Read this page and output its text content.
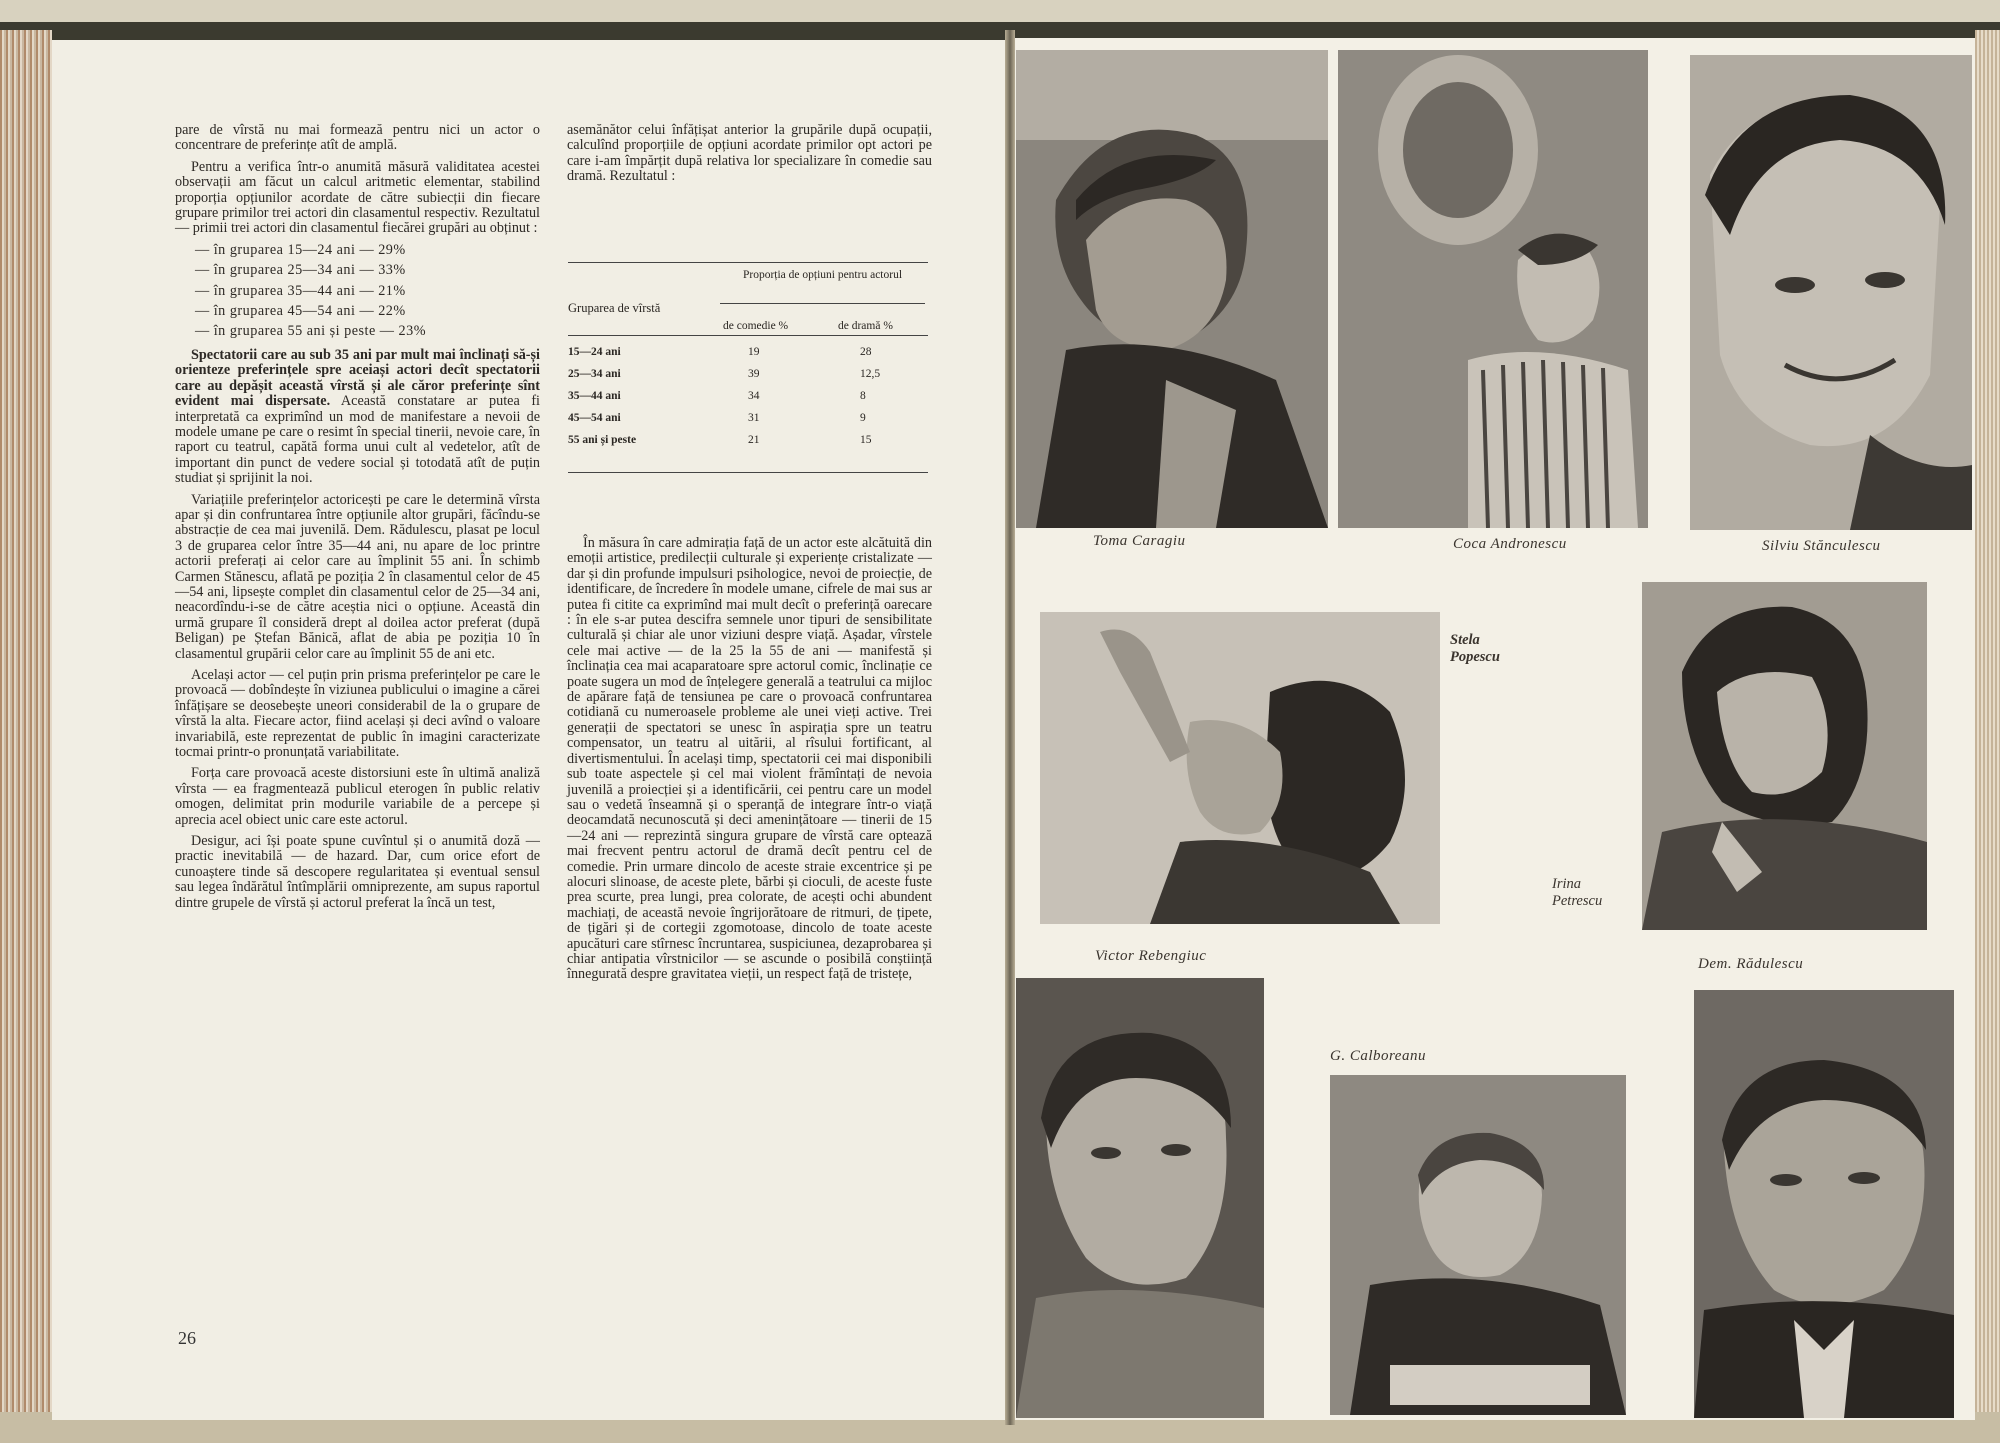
pare de vîrstă nu mai formează pentru nici un actor o concentrare de preferințe atît de amplă.

Pentru a verifica într-o anumită măsură validitatea acestei observații am făcut un calcul aritmetic elementar, stabilind proporția opțiunilor acordate de către subiecții din fiecare grupare primilor trei actori din clasamentul respectiv. Rezultatul — primii trei actori din clasamentul fiecărei grupări au obținut :

— în gruparea 15—24 ani — 29%
— în gruparea 25—34 ani — 33%
— în gruparea 35—44 ani — 21%
— în gruparea 45—54 ani — 22%
— în gruparea 55 ani și peste — 23%

Spectatorii care au sub 35 ani par mult mai înclinați să-și orienteze preferințele spre aceiași actori decît spectatorii care au depășit această vîrstă și ale căror preferințe sînt evident mai dispersate. Această constatare ar putea fi interpretată ca exprimînd un mod de manifestare a nevoii de modele umane pe care o resimt în special tinerii, nevoie care, în raport cu teatrul, capătă forma unui cult al vedetelor, atît de important din punct de vedere social și totodată atît de puțin studiat și sprijinit la noi.

Variațiile preferințelor actoricești pe care le determină vîrsta apar și din confruntarea între opțiunile altor grupări, făcîndu-se abstracție de cea mai juvenilă. Dem. Rădulescu, plasat pe locul 3 de gruparea celor între 35—44 ani, nu apare de loc printre actorii preferați ai celor care au împlinit 55 ani. În schimb Carmen Stănescu, aflată pe poziția 2 în clasamentul celor de 45—54 ani, lipsește complet din clasamentul celor de 25—34 ani, neacordîndu-i-se de către aceștia nici o opțiune. Această din urmă grupare îl consideră drept al doilea actor preferat (după Beligan) pe Ștefan Bănică, aflat de abia pe poziția 10 în clasamentul grupării celor care au împlinit 55 de ani etc.

Același actor — cel puțin prin prisma preferințelor pe care le provoacă — dobîndește în viziunea publicului o imagine a cărei înfățișare se deosebește uneori considerabil de la o grupare de vîrstă la alta. Fiecare actor, fiind același și deci avînd o valoare invariabilă, este reprezentat de public în imagini caracterizate tocmai printr-o pronunțată variabilitate.

Forța care provoacă aceste distorsiuni este în ultimă analiză vîrsta — ea fragmentează publicul eterogen în public relativ omogen, delimitat prin modurile variabile de a percepe și aprecia acel obiect unic care este actorul.

Desigur, aci își poate spune cuvîntul și o anumită doză — practic inevitabilă — de hazard. Dar, cum orice efort de cunoaștere tinde să descopere regularitatea și eventual sensul sau legea îndărătul întîmplării omniprezente, am supus raportul dintre grupele de vîrstă și actorul preferat la încă un test,

asemănător celui înfățișat anterior la grupările după ocupații, calculînd proporțiile de opțiuni acordate primilor opt actori pe care i-am împărțit după relativa lor specializare în comedie sau dramă. Rezultatul :

Gruparea de vîrstă
Proporția de opțiuni pentru actorul
de comedie %	de dramă %
15—24 ani	19	28
25—34 ani	39	12,5
35—44 ani	34	8
45—54 ani	31	9
55 ani și peste	21	15

În măsura în care admirația față de un actor este alcătuită din emoții artistice, predilecții culturale și experiențe cristalizate — dar și din profunde impulsuri psihologice, nevoi de proiecție, de identificare, de încredere în modele umane, cifrele de mai sus ar putea fi citite ca exprimînd mai mult decît o preferință oarecare : în ele s-ar putea descifra semnele unor tipuri de sensibilitate culturală și chiar ale unor viziuni despre viață. Așadar, vîrstele cele mai active — de la 25 la 55 de ani — manifestă și înclinația cea mai acaparatoare spre actorul comic, înclinație ce poate sugera un mod de înțelegere generală a teatrului ca mijloc de apărare față de tensiunea pe care o provoacă confruntarea cotidiană cu numeroasele probleme ale unei vieți active. Trei generații de spectatori se unesc în aspirația spre un teatru compensator, un teatru al uitării, al rîsului fortificant, al divertismentului. În același timp, spectatorii cei mai disponibili sub toate aspectele și cel mai violent frămîntați de nevoia juvenilă a proiecției și a identificării, cei pentru care un model sau o vedetă înseamnă și o speranță de integrare într-o viață deocamdată necunoscută și deci amenințătoare — tinerii de 15—24 ani — reprezintă singura grupare de vîrstă care optează mai frecvent pentru actorul de dramă decît pentru cel de comedie. Prin urmare dincolo de aceste straie excentrice și pe alocuri slinoase, de aceste plete, bărbi și cioculi, de aceste fuste prea scurte, prea lungi, prea colorate, de acești ochi abundent machiați, de această nevoie îngrijorătoare de ritmuri, de țipete, de țigări și de cortegii zgomotoase, dincolo de toate aceste apucături care stîrnesc încruntarea, suspiciunea, dezaprobarea și chiar antipatia vîrstnicilor — se ascunde o posibilă conștiință înnegurată despre gravitatea vieții, un respect față de tristețe,

26
Toma Caragiu	Coca Andronescu	Silviu Stănculescu
Stela
Popescu
Victor Rebengiuc
Irina
Petrescu
Dem. Rădulescu
G. Calboreanu
